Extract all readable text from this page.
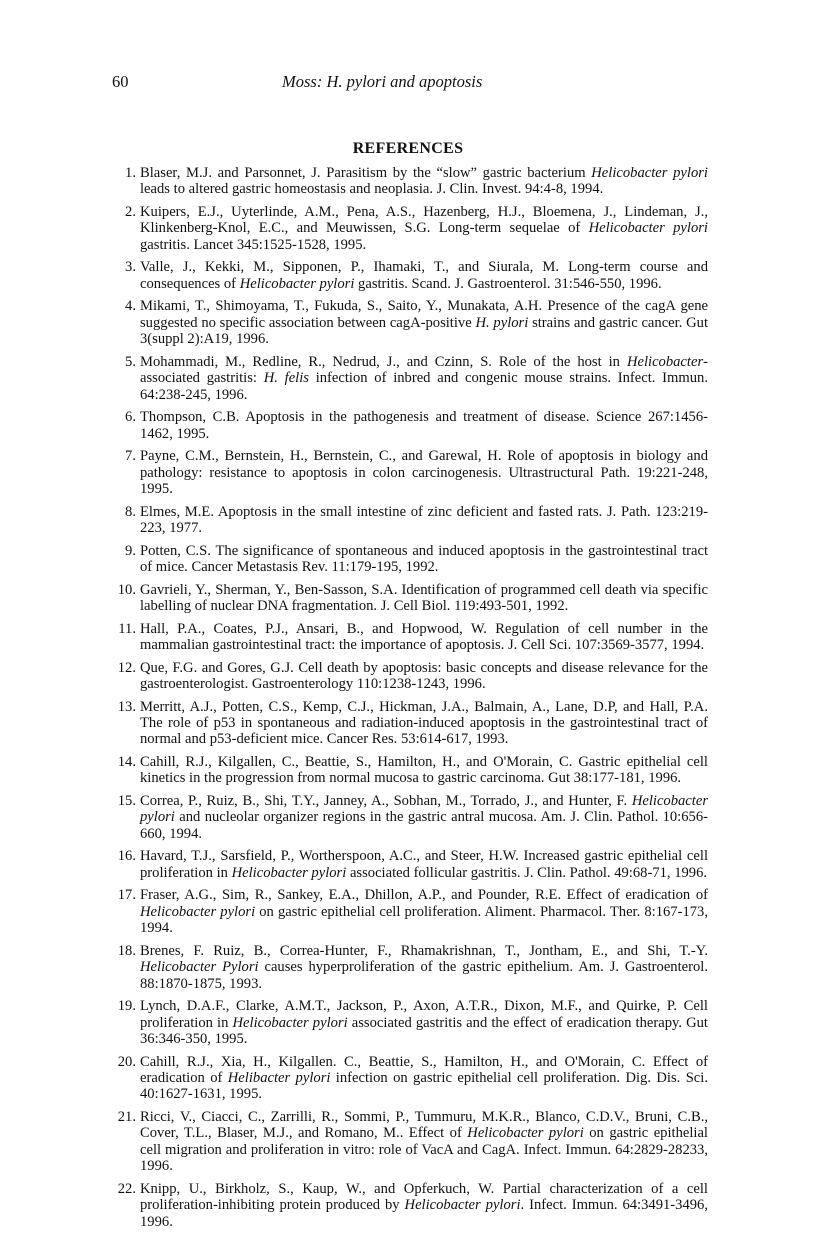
60	Moss: H. pylori and apoptosis
REFERENCES
1. Blaser, M.J. and Parsonnet, J. Parasitism by the “slow” gastric bacterium Helicobacter pylori leads to altered gastric homeostasis and neoplasia. J. Clin. Invest. 94:4-8, 1994.
2. Kuipers, E.J., Uyterlinde, A.M., Pena, A.S., Hazenberg, H.J., Bloemena, J., Lindeman, J., Klinkenberg-Knol, E.C., and Meuwissen, S.G. Long-term sequelae of Helicobacter pylori gastritis. Lancet 345:1525-1528, 1995.
3. Valle, J., Kekki, M., Sipponen, P., Ihamaki, T., and Siurala, M. Long-term course and consequences of Helicobacter pylori gastritis. Scand. J. Gastroenterol. 31:546-550, 1996.
4. Mikami, T., Shimoyama, T., Fukuda, S., Saito, Y., Munakata, A.H. Presence of the cagA gene suggested no specific association between cagA-positive H. pylori strains and gastric cancer. Gut 3(suppl 2):A19, 1996.
5. Mohammadi, M., Redline, R., Nedrud, J., and Czinn, S. Role of the host in Helicobacter-associated gastritis: H. felis infection of inbred and congenic mouse strains. Infect. Immun. 64:238-245, 1996.
6. Thompson, C.B. Apoptosis in the pathogenesis and treatment of disease. Science 267:1456-1462, 1995.
7. Payne, C.M., Bernstein, H., Bernstein, C., and Garewal, H. Role of apoptosis in biology and pathology: resistance to apoptosis in colon carcinogenesis. Ultrastructural Path. 19:221-248, 1995.
8. Elmes, M.E. Apoptosis in the small intestine of zinc deficient and fasted rats. J. Path. 123:219-223, 1977.
9. Potten, C.S. The significance of spontaneous and induced apoptosis in the gastrointestinal tract of mice. Cancer Metastasis Rev. 11:179-195, 1992.
10. Gavrieli, Y., Sherman, Y., Ben-Sasson, S.A. Identification of programmed cell death via specific labelling of nuclear DNA fragmentation. J. Cell Biol. 119:493-501, 1992.
11. Hall, P.A., Coates, P.J., Ansari, B., and Hopwood, W. Regulation of cell number in the mammalian gastrointestinal tract: the importance of apoptosis. J. Cell Sci. 107:3569-3577, 1994.
12. Que, F.G. and Gores, G.J. Cell death by apoptosis: basic concepts and disease relevance for the gastroenterologist. Gastroenterology 110:1238-1243, 1996.
13. Merritt, A.J., Potten, C.S., Kemp, C.J., Hickman, J.A., Balmain, A., Lane, D.P, and Hall, P.A. The role of p53 in spontaneous and radiation-induced apoptosis in the gastrointestinal tract of normal and p53-deficient mice. Cancer Res. 53:614-617, 1993.
14. Cahill, R.J., Kilgallen, C., Beattie, S., Hamilton, H., and O'Morain, C. Gastric epithelial cell kinetics in the progression from normal mucosa to gastric carcinoma. Gut 38:177-181, 1996.
15. Correa, P., Ruiz, B., Shi, T.Y., Janney, A., Sobhan, M., Torrado, J., and Hunter, F. Helicobacter pylori and nucleolar organizer regions in the gastric antral mucosa. Am. J. Clin. Pathol. 10:656-660, 1994.
16. Havard, T.J., Sarsfield, P., Wortherspoon, A.C., and Steer, H.W. Increased gastric epithelial cell proliferation in Helicobacter pylori associated follicular gastritis. J. Clin. Pathol. 49:68-71, 1996.
17. Fraser, A.G., Sim, R., Sankey, E.A., Dhillon, A.P., and Pounder, R.E. Effect of eradication of Helicobacter pylori on gastric epithelial cell proliferation. Aliment. Pharmacol. Ther. 8:167-173, 1994.
18. Brenes, F. Ruiz, B., Correa-Hunter, F., Rhamakrishnan, T., Jontham, E., and Shi, T.-Y. Helicobacter Pylori causes hyperproliferation of the gastric epithelium. Am. J. Gastroenterol. 88:1870-1875, 1993.
19. Lynch, D.A.F., Clarke, A.M.T., Jackson, P., Axon, A.T.R., Dixon, M.F., and Quirke, P. Cell proliferation in Helicobacter pylori associated gastritis and the effect of eradication therapy. Gut 36:346-350, 1995.
20. Cahill, R.J., Xia, H., Kilgallen. C., Beattie, S., Hamilton, H., and O'Morain, C. Effect of eradication of Helibacter pylori infection on gastric epithelial cell proliferation. Dig. Dis. Sci. 40:1627-1631, 1995.
21. Ricci, V., Ciacci, C., Zarrilli, R., Sommi, P., Tummuru, M.K.R., Blanco, C.D.V., Bruni, C.B., Cover, T.L., Blaser, M.J., and Romano, M.. Effect of Helicobacter pylori on gastric epithelial cell migration and proliferation in vitro: role of VacA and CagA. Infect. Immun. 64:2829-28233, 1996.
22. Knipp, U., Birkholz, S., Kaup, W., and Opferkuch, W. Partial characterization of a cell proliferation-inhibiting protein produced by Helicobacter pylori. Infect. Immun. 64:3491-3496, 1996.
